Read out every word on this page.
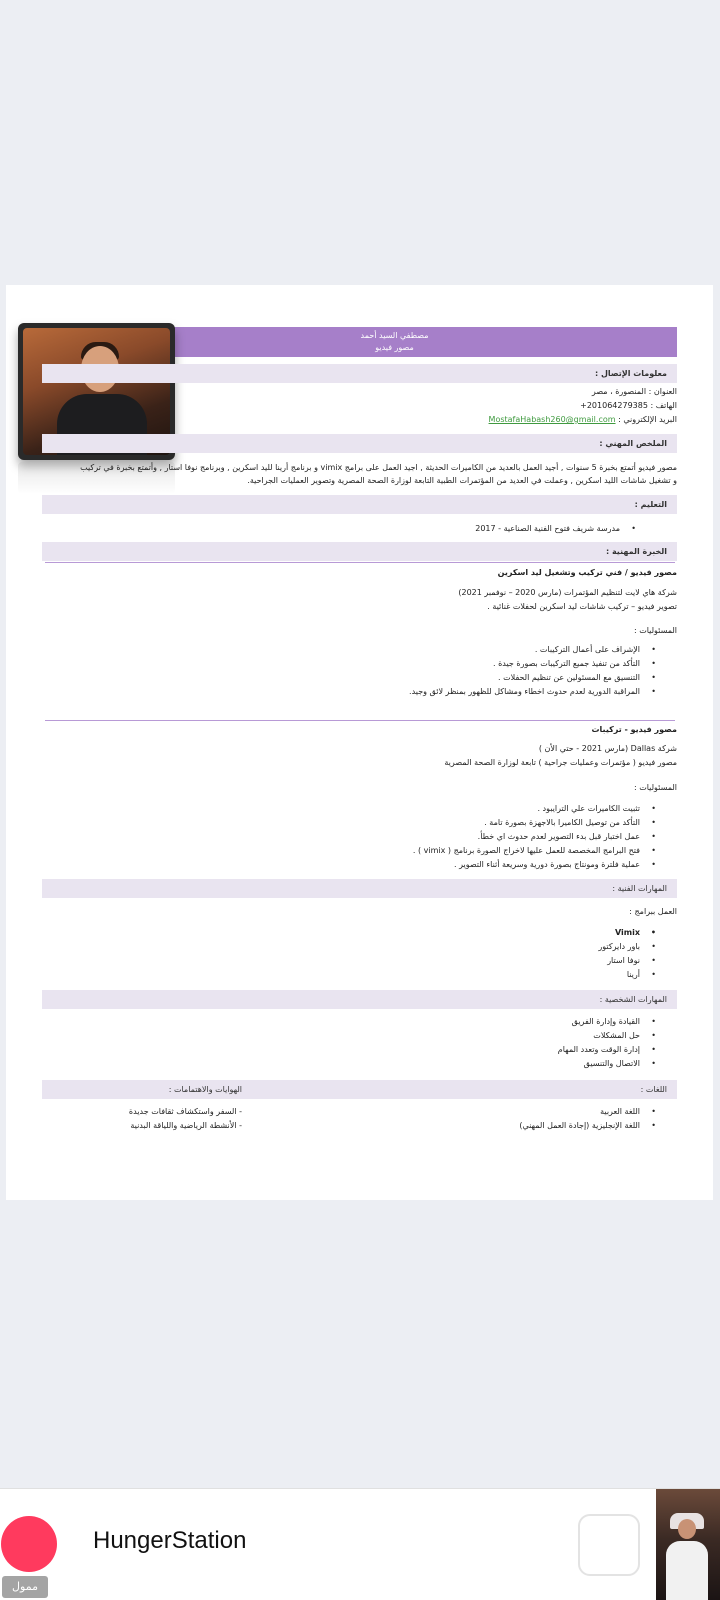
مصطفي السيد أحمد
مصور فيديو
معلومات الإتصال :
العنوان : المنصورة ، مصر
الهاتف : 201064279385+
البريد الإلكتروني : MostafaHabash260@gmail.com
الملخص المهني :
مصور فيديو أتمتع بخبرة 5 سنوات , أجيد العمل بالعديد من الكاميرات الحديثة , اجيد العمل على برامج vimix و برنامج أرينا لليد اسكرين , وبرنامج نوفا استار , وأتمتع بخبرة في تركيب
و تشغيل شاشات الليد اسكرين , وعملت في العديد من المؤتمرات الطبية التابعة لوزارة الصحة المصرية وتصوير العمليات الجراحية.
التعليم :
مدرسة شريف فتوح الفنية الصناعية - 2017 •
الخبرة المهنية :
مصور فيديو / فني تركيب وتشغيل ليد اسكرين
شركة هاي لايت لتنظيم المؤتمرات (مارس 2020 – نوفمبر 2021)
تصوير فيديو – تركيب شاشات ليد اسكرين لحفلات غنائية .
المسئوليات :
الإشراف على أعمال التركيبات . •
التأكد من تنفيذ جميع التركيبات بصورة جيدة . •
التنسيق مع المسئولين عن تنظيم الحفلات . •
المراقبة الدورية لعدم حدوث اخطاء ومشاكل للظهور بمنظر لائق وجيد. •
مصور فيديو - تركيبات
شركة Dallas (مارس 2021 - حتي الأن )
مصور فيديو ( مؤتمرات وعمليات جراحية ) تابعة لوزارة الصحة المصرية
المسئوليات :
تثبيت الكاميرات علي الترايبود . •
التأكد من توصيل الكاميرا بالاجهزة بصورة تامة . •
عمل اختبار قبل بدء التصوير لعدم حدوث اي خطأ. •
فتح البرامج المخصصة للعمل عليها لاخراج الصورة برنامج ( vimix ) . •
عملية فلترة ومونتاج بصورة دورية وسريعة أثناء التصوير . •
المهارات الفنية :
العمل ببرامج :
Vimix •
باور دايركتور •
نوفا استار •
أرينا •
المهارات الشخصية :
القيادة وإدارة الفريق •
حل المشكلات •
إدارة الوقت وتعدد المهام •
الاتصال والتنسيق •
اللغات :
الهوايات والاهتمامات :
اللغة العربية •
اللغة الإنجليزية (إجادة العمل المهني) •
- السفر واستكشاف ثقافات جديدة
- الأنشطة الرياضية واللياقة البدنية
ممول
HungerStation
